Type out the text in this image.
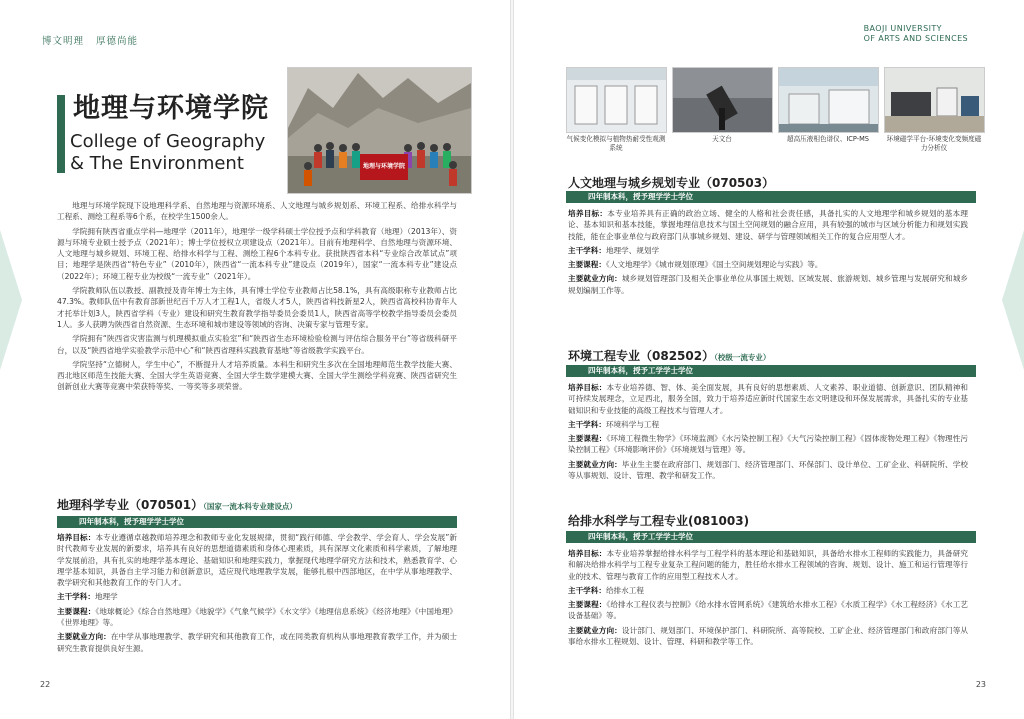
博文明理 厚德尚能
地理与环境学院
College of Geography
& The Environment	地理与环境学院

地理与环境学院现下设地理科学系、自然地理与资源环境系、人文地理与城乡规划系、环境工程系、给排水科学与工程系、测绘工程系等6个系，在校学生1500余人。

学院拥有陕西省重点学科—地理学（2011年），地理学一级学科硕士学位授予点和学科教育（地理）（2013年）、资源与环境专业硕士授予点（2021年）；博士学位授权立项建设点（2021年）。目前有地理科学、自然地理与资源环境、人文地理与城乡规划、环境工程、给排水科学与工程、测绘工程6个本科专业。获批陕西省本科“专业综合改革试点”项目；地理学是陕西省“特色专业”（2010年），陕西省“一流本科专业”建设点（2019年），国家“一流本科专业”建设点（2022年）；环境工程专业为校级“一流专业”（2021年）。

学院教师队伍以教授、副教授及青年博士为主体，具有博士学位专业教师占比58.1%，具有高级职称专业教师占比47.3%。教师队伍中有教育部新世纪百千万人才工程1人，省级人才5人，陕西省科技新星2人，陕西省高校科协青年人才托举计划3人，陕西省学科（专业）建设和研究生教育教学指导委员会委员1人，陕西省高等学校教学指导委员会委员1人。多人获聘为陕西省自然资源、生态环境和城市建设等领域的咨询、决策专家与管理专家。

学院拥有“陕西省灾害监测与机理模拟重点实验室”和“陕西省生态环境检验检测与评估综合服务平台”等省级科研平台，以及“陕西省地学实验教学示范中心”和“陕西省理科实践教育基地”等省级教学实践平台。

学院坚持“立德树人，学生中心”，不断提升人才培养质量。本科生和研究生多次在全国地理师范生教学技能大赛、西北地区师范生技能大赛、全国大学生英语竞赛、全国大学生数学建模大赛、全国大学生测绘学科竞赛、陕西省研究生创新创业大赛等竞赛中荣获特等奖、一等奖等多项荣誉。

地理科学专业（070501）（国家一流本科专业建设点）
四年制本科，授予理学学士学位
培养目标：本专业遵循卓越教师培养理念和教师专业化发展规律，贯彻“践行师德、学会教学、学会育人、学会发展”新时代教师专业发展的新要求，培养具有良好的思想道德素质和身体心理素质，具有深厚文化素质和科学素质，了解地理学发展前沿，具有扎实的地理学基本理论、基础知识和地理实践力，掌握现代地理学研究方法和技术，熟悉教育学、心理学基本知识，具备自主学习能力和创新意识，适应现代地理教学发展，能够扎根中西部地区，在中学从事地理教学、教学研究和其他教育工作的专门人才。
主干学科：地理学
主要课程：《地球概论》《综合自然地理》《地貌学》《气象气候学》《水文学》《地理信息系统》《经济地理》《中国地理》《世界地理》等。
主要就业方向：在中学从事地理教学、教学研究和其他教育工作，或在同类教育机构从事地理教育教学工作，并为硕士研究生教育提供良好生源。
22
BAOJI UNIVERSITY
OF ARTS AND SCIENCES
气候变化模拟与植物热耐受性观测系统
天文台	超高压液相色谱仪、ICP-MS	环境磁学平台-环境变化变频度磁力分析仪
人文地理与城乡规划专业（070503）
四年制本科，授予理学学士学位
培养目标：本专业培养具有正确的政治立场、健全的人格和社会责任感，具备扎实的人文地理学和城乡规划的基本理论、基本知识和基本技能，掌握地理信息技术与国土空间规划的融合应用，具有较强的城市与区域分析能力和规划实践技能，能在企事业单位与政府部门从事城乡规划、建设、研学与管理领域相关工作的复合应用型人才。
主干学科：地理学、规划学
主要课程：《人文地理学》《城市规划原理》《国土空间规划理论与实践》等。
主要就业方向：城乡规划管理部门及相关企事业单位从事国土规划、区域发展、旅游规划、城乡管理与发展研究和城乡规划编制工作等。
环境工程专业（082502）（校级一流专业）
四年制本科，授予工学学士学位
培养目标：本专业培养德、智、体、美全面发展，具有良好的思想素质、人文素养、职业道德、创新意识、团队精神和可持续发展理念，立足西北，服务全国，致力于培养适应新时代国家生态文明建设和环保发展需求，具备扎实的专业基础知识和专业技能的高级工程技术与管理人才。
主干学科：环境科学与工程
主要课程：《环境工程微生物学》《环境监测》《水污染控制工程》《大气污染控制工程》《固体废物处理工程》《物理性污染控制工程》《环境影响评价》《环境规划与管理》等。
主要就业方向：毕业生主要在政府部门、规划部门、经济管理部门、环保部门、设计单位、工矿企业、科研院所、学校等从事规划、设计、管理、教学和研发工作。
给排水科学与工程专业(081003)
四年制本科，授予工学学士学位
培养目标：本专业培养掌握给排水科学与工程学科的基本理论和基础知识，具备给水排水工程师的实践能力，具备研究和解决给排水科学与工程专业复杂工程问题的能力，胜任给水排水工程领域的咨询、规划、设计、施工和运行管理等行业的技术、管理与教育工作的应用型工程技术人才。
主干学科：给排水工程
主要课程：《给排水工程仪表与控制》《给水排水管网系统》《建筑给水排水工程》《水质工程学》《水工程经济》《水工艺设备基础》等。
主要就业方向：设计部门、规划部门、环境保护部门、科研院所、高等院校、工矿企业、经济管理部门和政府部门等从事给水排水工程规划、设计、管理、科研和教学等工作。
23
